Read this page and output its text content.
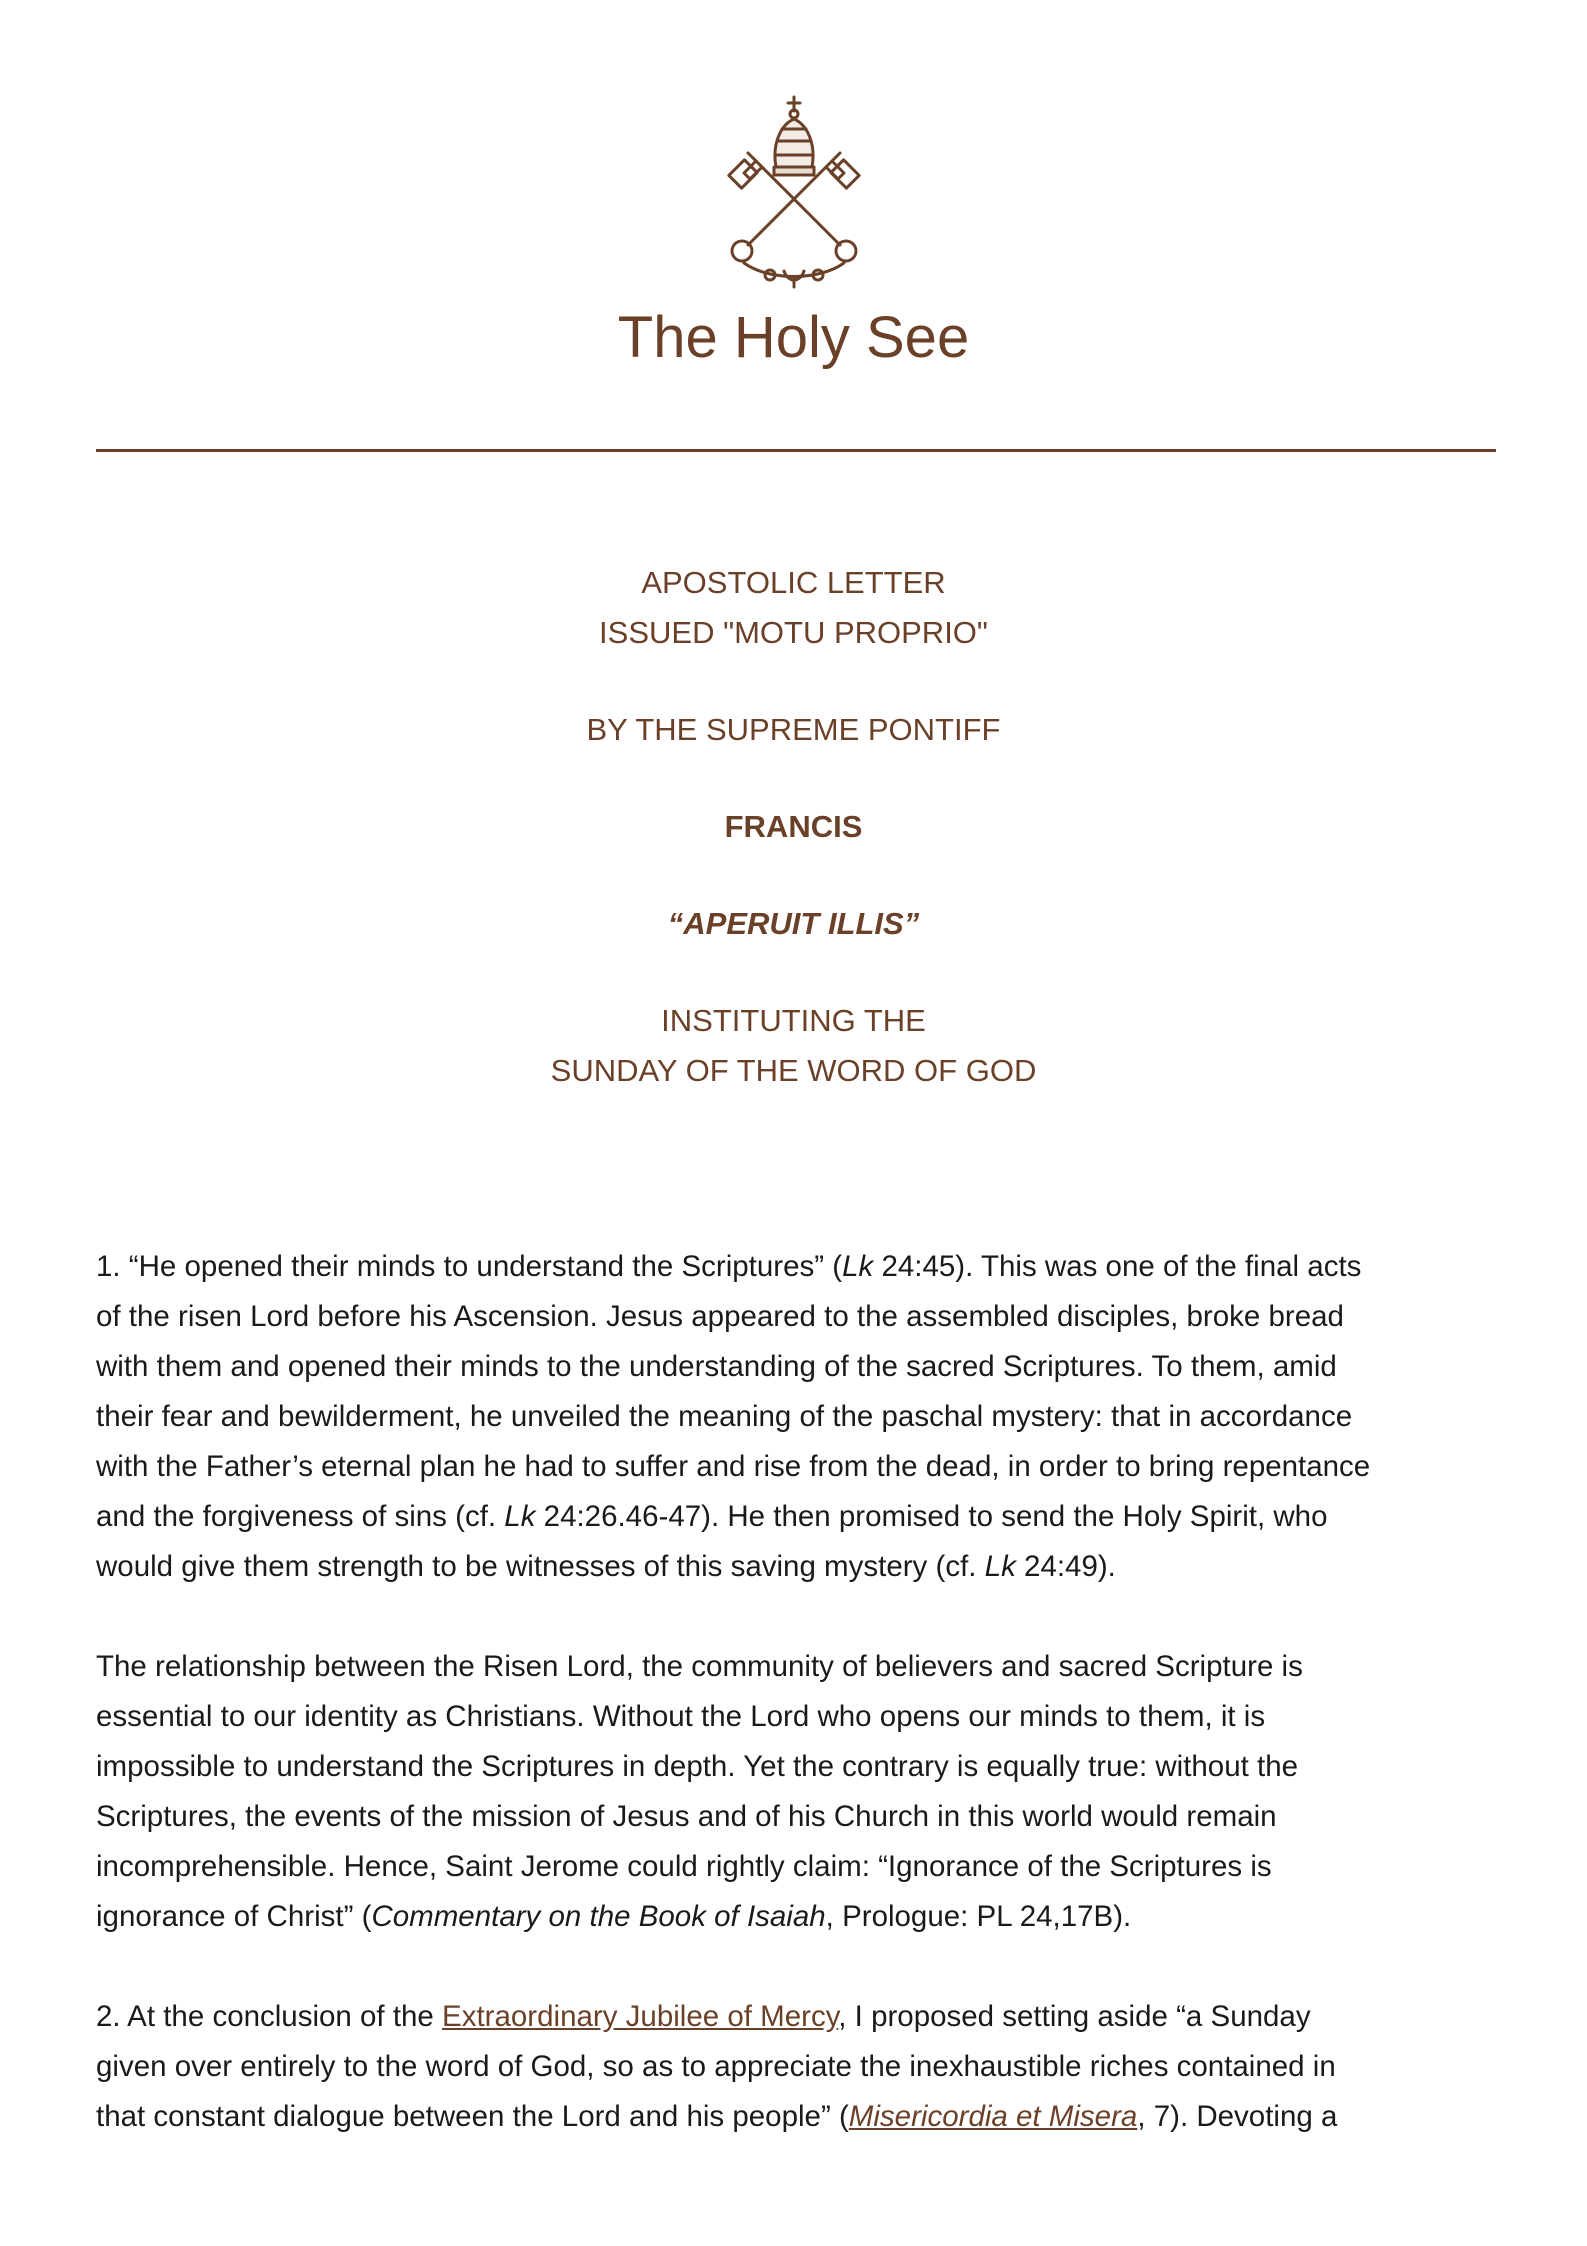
The Holy See
APOSTOLIC LETTER
ISSUED "MOTU PROPRIO"
BY THE SUPREME PONTIFF
FRANCIS
“APERUIT ILLIS”
INSTITUTING THE
SUNDAY OF THE WORD OF GOD

1. “He opened their minds to understand the Scriptures” (Lk 24:45). This was one of the final acts
of the risen Lord before his Ascension. Jesus appeared to the assembled disciples, broke bread
with them and opened their minds to the understanding of the sacred Scriptures. To them, amid
their fear and bewilderment, he unveiled the meaning of the paschal mystery: that in accordance
with the Father’s eternal plan he had to suffer and rise from the dead, in order to bring repentance
and the forgiveness of sins (cf. Lk 24:26.46-47). He then promised to send the Holy Spirit, who
would give them strength to be witnesses of this saving mystery (cf. Lk 24:49).

The relationship between the Risen Lord, the community of believers and sacred Scripture is
essential to our identity as Christians. Without the Lord who opens our minds to them, it is
impossible to understand the Scriptures in depth. Yet the contrary is equally true: without the
Scriptures, the events of the mission of Jesus and of his Church in this world would remain
incomprehensible. Hence, Saint Jerome could rightly claim: “Ignorance of the Scriptures is
ignorance of Christ” (Commentary on the Book of Isaiah, Prologue: PL 24,17B).

2. At the conclusion of the Extraordinary Jubilee of Mercy, I proposed setting aside “a Sunday
given over entirely to the word of God, so as to appreciate the inexhaustible riches contained in
that constant dialogue between the Lord and his people” (Misericordia et Misera, 7). Devoting a
